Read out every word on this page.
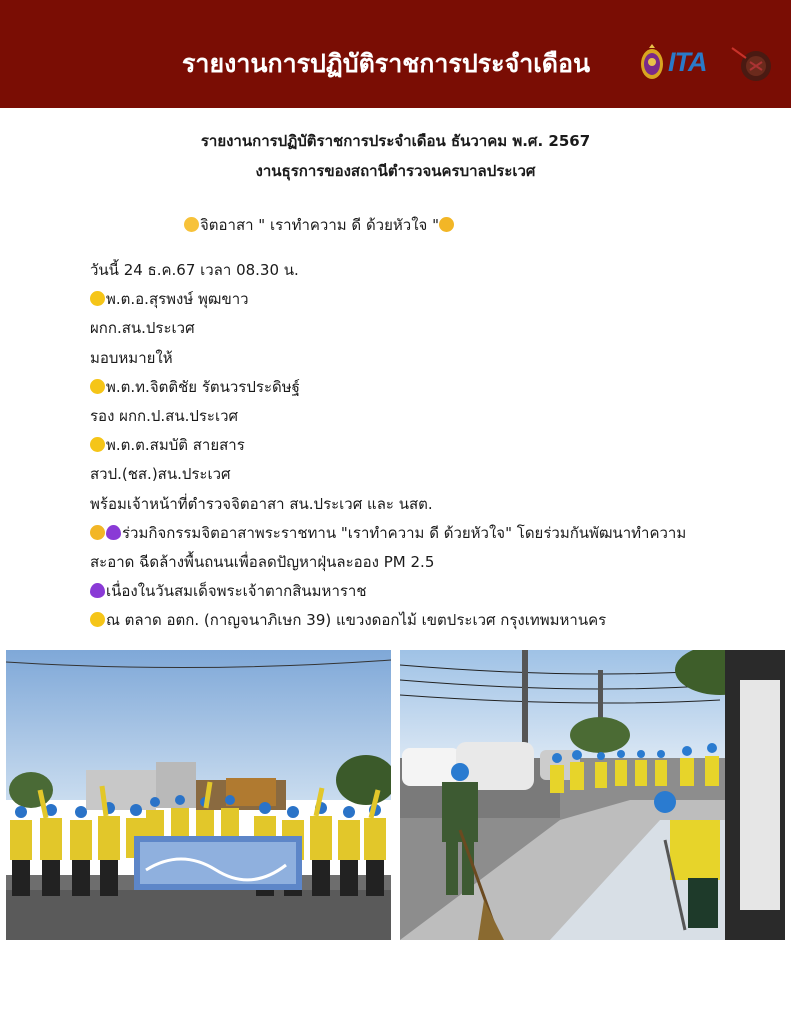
รายงานการปฏิบัติราชการประจำเดือน	ITA
รายงานการปฏิบัติราชการประจำเดือน ธันวาคม พ.ศ. 2567
งานธุรการของสถานีตำรวจนครบาลประเวศ
จิตอาสา " เราทำความ ดี ด้วยหัวใจ "
วันนี้ 24 ธ.ค.67 เวลา 08.30 น.
พ.ต.อ.สุรพงษ์ พุฒขาว
ผกก.สน.ประเวศ
มอบหมายให้
พ.ต.ท.จิตติชัย รัตนวรประดิษฐ์
รอง ผกก.ป.สน.ประเวศ
พ.ต.ต.สมบัติ สายสาร
สวป.(ชส.)สน.ประเวศ
พร้อมเจ้าหน้าที่ตำรวจจิตอาสา สน.ประเวศ และ นสต.
ร่วมกิจกรรมจิตอาสาพระราชทาน "เราทำความ ดี ด้วยหัวใจ" โดยร่วมกันพัฒนาทำความ
สะอาด ฉีดล้างพื้นถนนเพื่อลดปัญหาฝุ่นละออง PM 2.5
เนื่องในวันสมเด็จพระเจ้าตากสินมหาราช
ณ ตลาด อตก. (กาญจนาภิเษก 39) แขวงดอกไม้ เขตประเวศ กรุงเทพมหานคร
